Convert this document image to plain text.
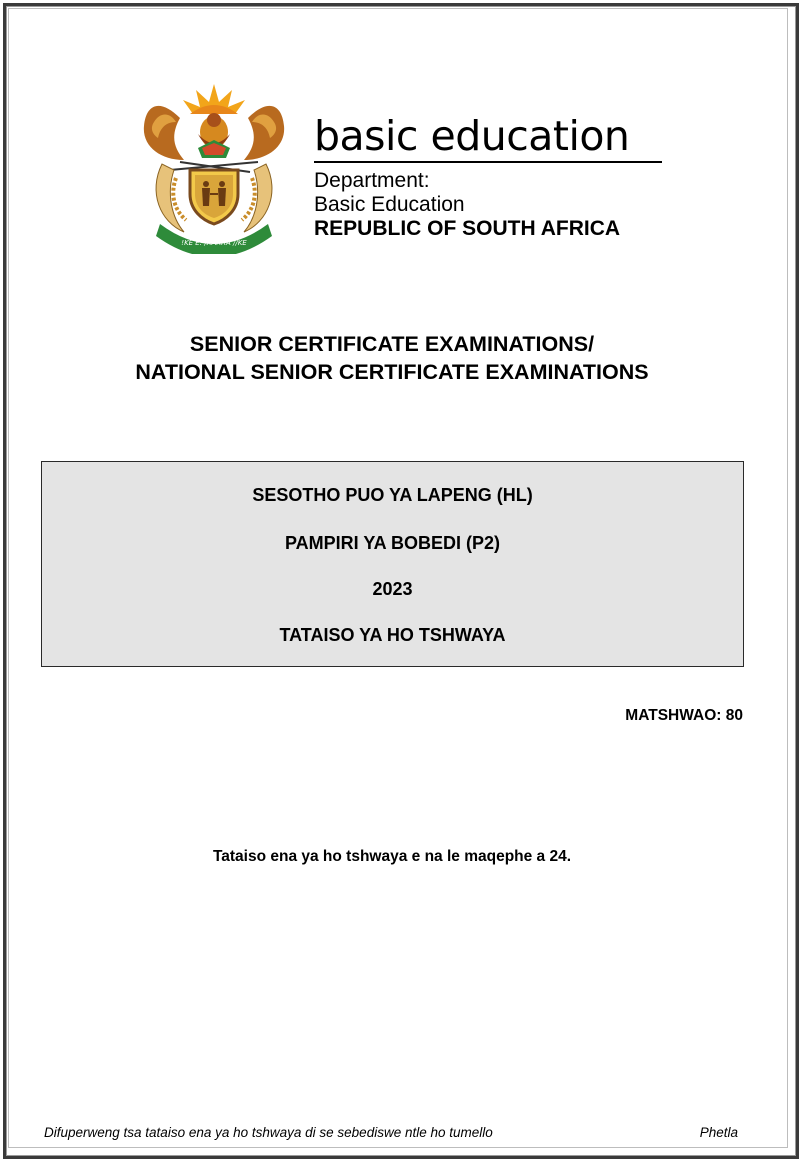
!KE E: /XARRA //KE
basic education
Department:
Basic Education
REPUBLIC OF SOUTH AFRICA
SENIOR CERTIFICATE EXAMINATIONS/
NATIONAL SENIOR CERTIFICATE EXAMINATIONS
SESOTHO PUO YA LAPENG (HL)
PAMPIRI YA BOBEDI (P2)
2023
TATAISO YA HO TSHWAYA
MATSHWAO: 80
Tataiso ena ya ho tshwaya e na le maqephe a 24.
Difuperweng tsa tataiso ena ya ho tshwaya di se sebediswe ntle ho tumello	Phetla
